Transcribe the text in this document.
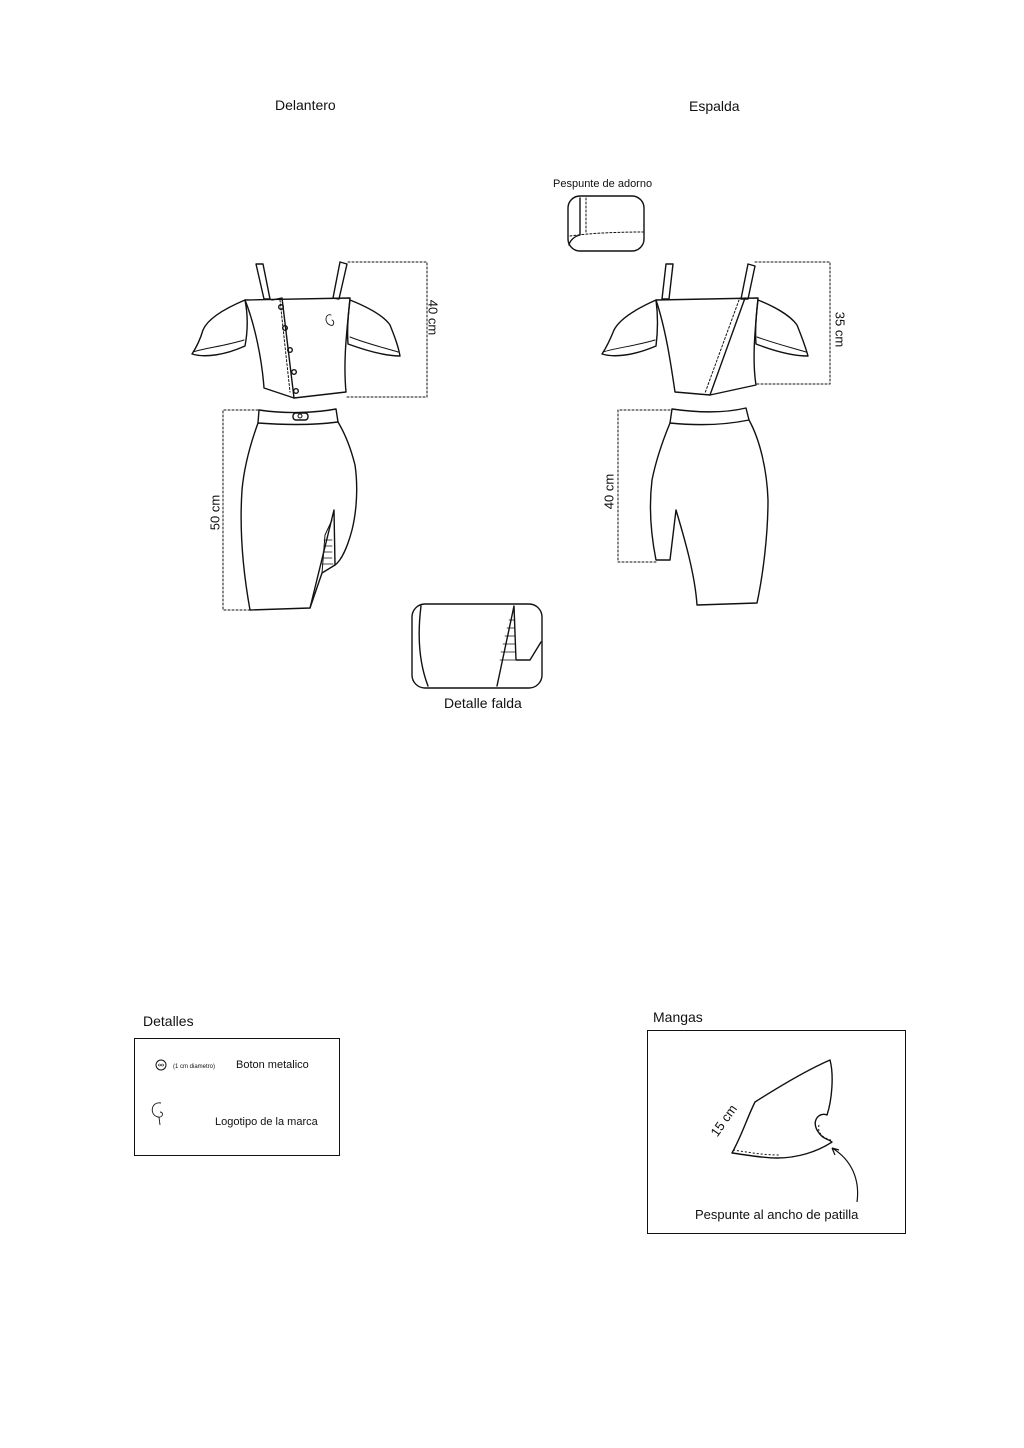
Delantero	Espalda
Pespunte de adorno
Detalle falda
40 cm
50 cm
35 cm
40 cm
Detalles
(1 cm diametro) Boton metalico
Logotipo de la marca
Mangas
15 cm
Pespunte al ancho de patilla
